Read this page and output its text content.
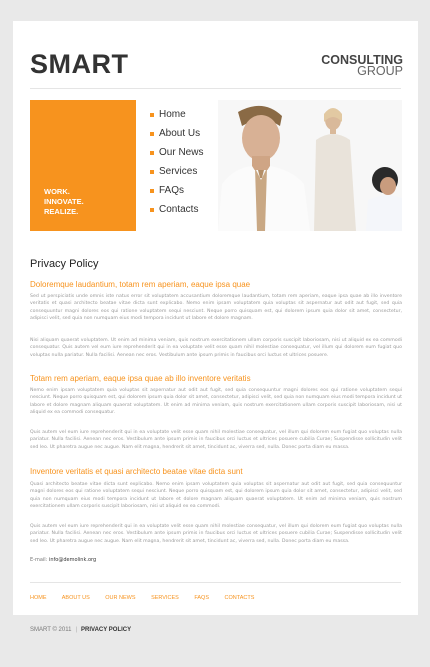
SMART	CONSULTING
GROUP
WORK.
INNOVATE.
REALIZE.
Home
About Us
Our News
Services
FAQs
Contacts
Privacy Policy
Doloremque laudantium, totam rem aperiam, eaque ipsa quae
Sed ut perspiciatis unde omnis iste natus error sit voluptatem accusantium doloremque laudantium, totam rem aperiam, eaque ipsa quae ab illo inventore veritatis et quasi architecto beatae vitae dicta sunt explicabo. Nemo enim ipsam voluptatem quia voluptas sit aspernatur aut odit aut fugit, sed quia consequuntur magni dolores eos qui ratione voluptatem sequi nesciunt. Neque porro quisquam est, qui dolorem ipsum quia dolor sit amet, consectetur, adipisci velit, sed quia non numquam eius modi tempora incidunt ut labore et dolore magnam.
Nisi aliquam quaerat voluptatem. Ut enim ad minima veniam, quis nostrum exercitationem ullam corporis suscipit laboriosam, nisi ut aliquid ex ea commodi consequatur. Quis autem vel eum iure reprehenderit qui in ea voluptate velit esse quam nihil molestiae consequatur, vel illum qui dolorem eum fugiat quo voluptas nulla pariatur. Nulla facilisi. Aenean nec eros. Vestibulum ante ipsum primis in faucibus orci luctus et ultrices posuere.
Totam rem aperiam, eaque ipsa quae ab illo inventore veritatis
Nemo enim ipsam voluptatem quia voluptas sit aspernatur aut odit aut fugit, sed quia consequuntur magni dolores eos qui ratione voluptatem sequi nesciunt. Neque porro quisquam est, qui dolorem ipsum quia dolor sit amet, consectetur, adipisci velit, sed quia non numquam eius modi tempora incidunt ut labore et dolore magnam aliquam quaerat voluptatem. Ut enim ad minima veniam, quis nostrum exercitationem ullam corporis suscipit laboriosam, nisi ut aliquid ex ea commodi consequatur.
Quis autem vel eum iure reprehenderit qui in ea voluptate velit esse quam nihil molestiae consequatur, vel illum qui dolorem eum fugiat quo voluptas nulla pariatur. Nulla facilisi. Aenean nec eros. Vestibulum ante ipsum primis in faucibus orci luctus et ultrices posuere cubilia Curae; Suspendisse sollicitudin velit sed leo. Ut pharetra augue nec augue. Nam elit magna, hendrerit sit amet, tincidunt ac, viverra sed, nulla. Donec porta diam eu massa.
Inventore veritatis et quasi architecto beatae vitae dicta sunt
Quasi architecto beatae vitae dicta sunt explicabo. Nemo enim ipsam voluptatem quia voluptas sit aspernatur aut odit aut fugit, sed quia consequuntur magni dolores eos qui ratione voluptatem sequi nesciunt. Neque porro quisquam est, qui dolorem ipsum quia dolor sit amet, consectetur, adipisci velit, sed quia non numquam eius modi tempora incidunt ut labore et dolore magnam aliquam quaerat voluptatem. Ut enim ad minima veniam, quis nostrum exercitationem ullam corporis suscipit laboriosam, nisi ut aliquid ex ea commodi.
Quis autem vel eum iure reprehenderit qui in ea voluptate velit esse quam nihil molestiae consequatur, vel illum qui dolorem eum fugiat quo voluptas nulla pariatur. Nulla facilisi. Aenean nec eros. Vestibulum ante ipsum primis in faucibus orci luctus et ultrices posuere cubilia Curae; Suspendisse sollicitudin velit sed leo. Ut pharetra augue nec augue. Nam elit magna, hendrerit sit amet, tincidunt ac, viverra sed, nulla. Donec porta diam eu massa.
E-mail: info@demolink.org
HOME	ABOUT US	OUR NEWS	SERVICES	FAQS	CONTACTS
SMART © 2011 | PRIVACY POLICY
